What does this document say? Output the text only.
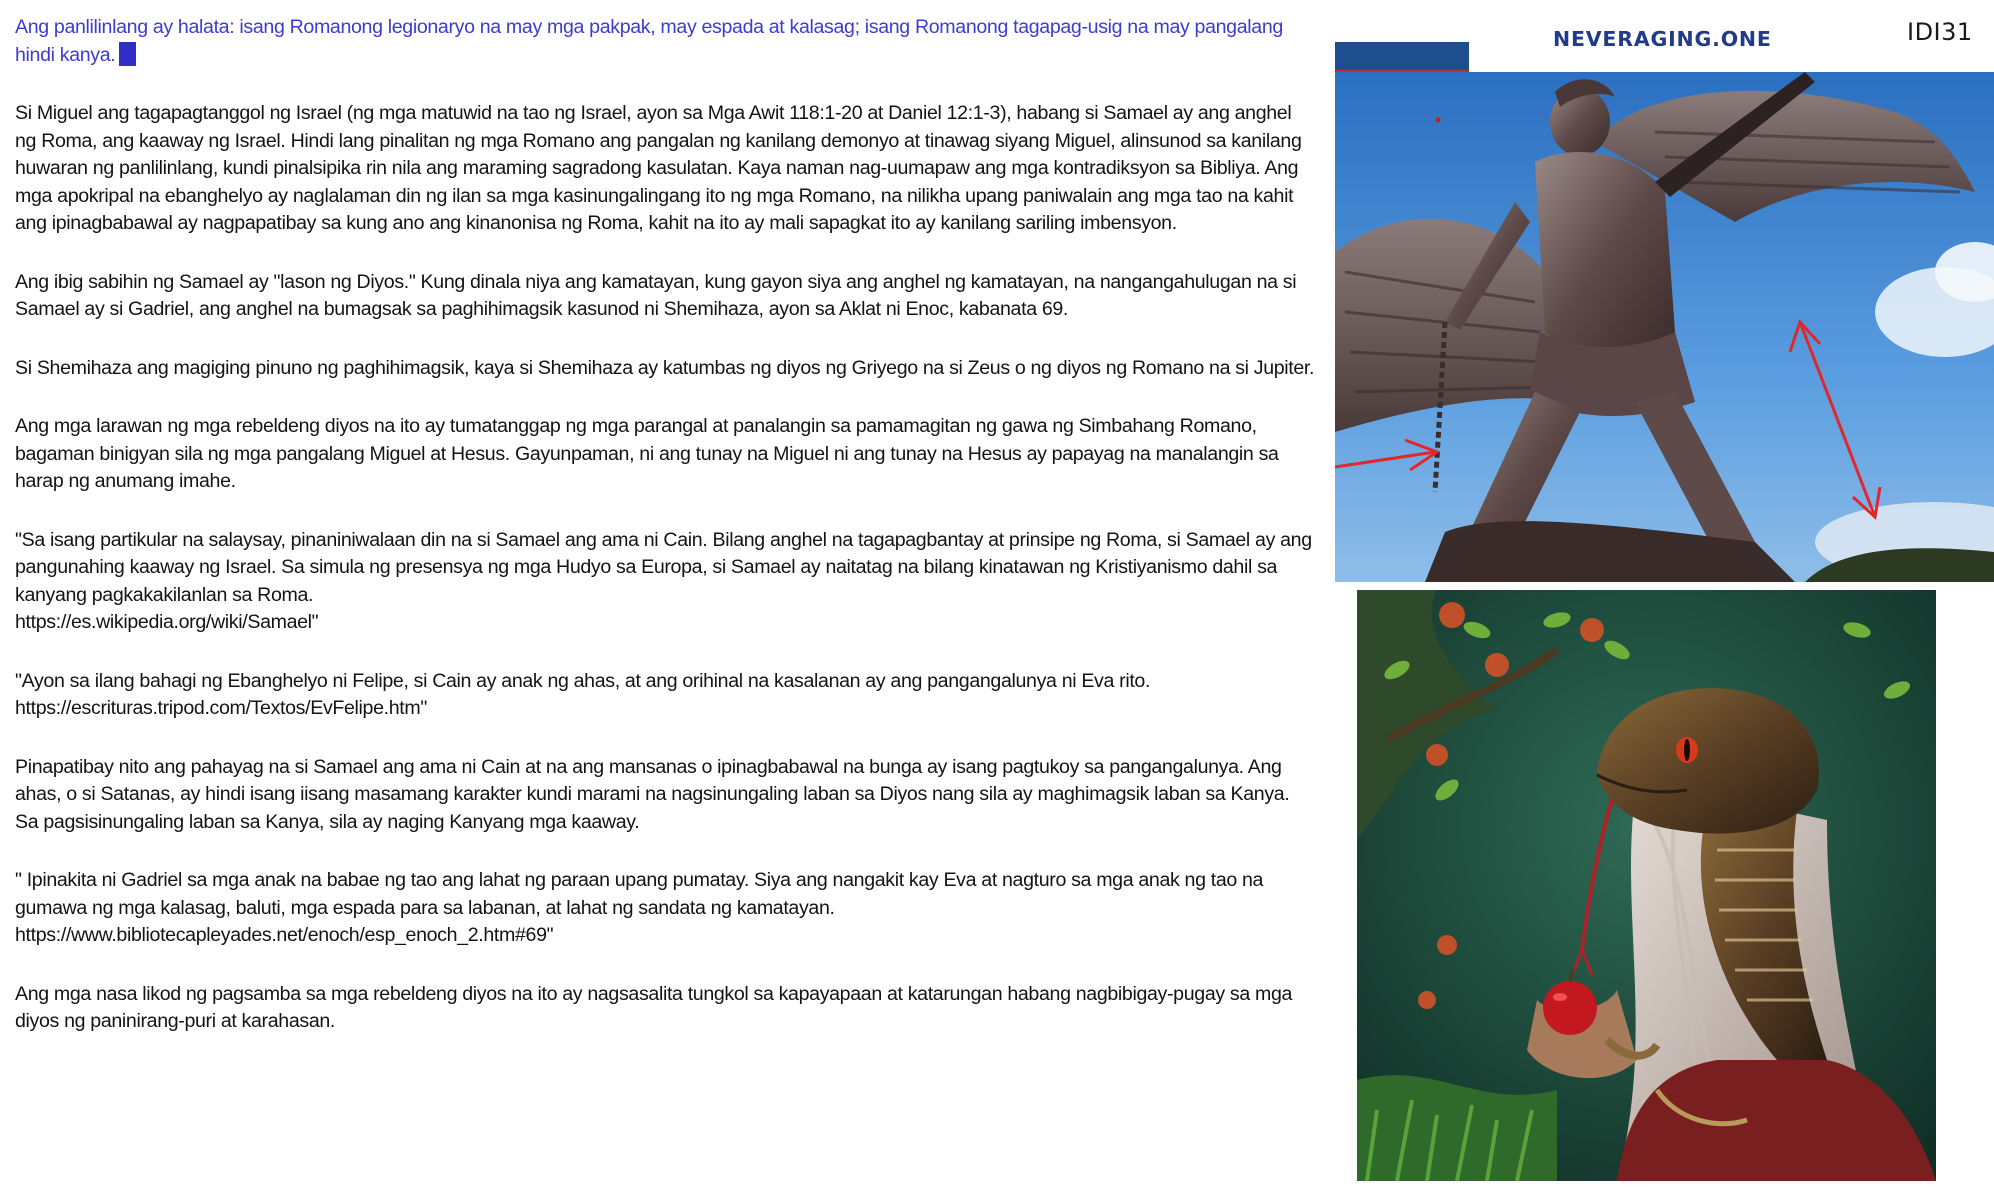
Ang panlilinlang ay halata: isang Romanong legionaryo na may mga pakpak, may espada at kalasag; isang Romanong tagapag-usig na may pangalang hindi kanya.

Si Miguel ang tagapagtanggol ng Israel (ng mga matuwid na tao ng Israel, ayon sa Mga Awit 118:1-20 at Daniel 12:1-3), habang si Samael ay ang anghel ng Roma, ang kaaway ng Israel. Hindi lang pinalitan ng mga Romano ang pangalan ng kanilang demonyo at tinawag siyang Miguel, alinsunod sa kanilang huwaran ng panlilinlang, kundi pinalsipika rin nila ang maraming sagradong kasulatan. Kaya naman nag-uumapaw ang mga kontradiksyon sa Bibliya. Ang mga apokripal na ebanghelyo ay naglalaman din ng ilan sa mga kasinungalingang ito ng mga Romano, na nilikha upang paniwalain ang mga tao na kahit ang ipinagbabawal ay nagpapatibay sa kung ano ang kinanonisa ng Roma, kahit na ito ay mali sapagkat ito ay kanilang sariling imbensyon.

Ang ibig sabihin ng Samael ay "lason ng Diyos." Kung dinala niya ang kamatayan, kung gayon siya ang anghel ng kamatayan, na nangangahulugan na si Samael ay si Gadriel, ang anghel na bumagsak sa paghihimagsik kasunod ni Shemihaza, ayon sa Aklat ni Enoc, kabanata 69.

Si Shemihaza ang magiging pinuno ng paghihimagsik, kaya si Shemihaza ay katumbas ng diyos ng Griyego na si Zeus o ng diyos ng Romano na si Jupiter.

Ang mga larawan ng mga rebeldeng diyos na ito ay tumatanggap ng mga parangal at panalangin sa pamamagitan ng gawa ng Simbahang Romano, bagaman binigyan sila ng mga pangalang Miguel at Hesus. Gayunpaman, ni ang tunay na Miguel ni ang tunay na Hesus ay papayag na manalangin sa harap ng anumang imahe.

"Sa isang partikular na salaysay, pinaniniwalaan din na si Samael ang ama ni Cain. Bilang anghel na tagapagbantay at prinsipe ng Roma, si Samael ay ang pangunahing kaaway ng Israel. Sa simula ng presensya ng mga Hudyo sa Europa, si Samael ay naitatag na bilang kinatawan ng Kristiyanismo dahil sa kanyang pagkakakilanlan sa Roma.
https://es.wikipedia.org/wiki/Samael"

"Ayon sa ilang bahagi ng Ebanghelyo ni Felipe, si Cain ay anak ng ahas, at ang orihinal na kasalanan ay ang pangangalunya ni Eva rito.
https://escrituras.tripod.com/Textos/EvFelipe.htm"

Pinapatibay nito ang pahayag na si Samael ang ama ni Cain at na ang mansanas o ipinagbabawal na bunga ay isang pagtukoy sa pangangalunya. Ang ahas, o si Satanas, ay hindi isang iisang masamang karakter kundi marami na nagsinungaling laban sa Diyos nang sila ay maghimagsik laban sa Kanya. Sa pagsisinungaling laban sa Kanya, sila ay naging Kanyang mga kaaway.

" Ipinakita ni Gadriel sa mga anak na babae ng tao ang lahat ng paraan upang pumatay. Siya ang nangakit kay Eva at nagturo sa mga anak ng tao na gumawa ng mga kalasag, baluti, mga espada para sa labanan, at lahat ng sandata ng kamatayan.
https://www.bibliotecapleyades.net/enoch/esp_enoch_2.htm#69"

Ang mga nasa likod ng pagsamba sa mga rebeldeng diyos na ito ay nagsasalita tungkol sa kapayapaan at katarungan habang nagbibigay-pugay sa mga diyos ng paninirang-puri at karahasan.

NEVERAGING.ONE	IDI31
